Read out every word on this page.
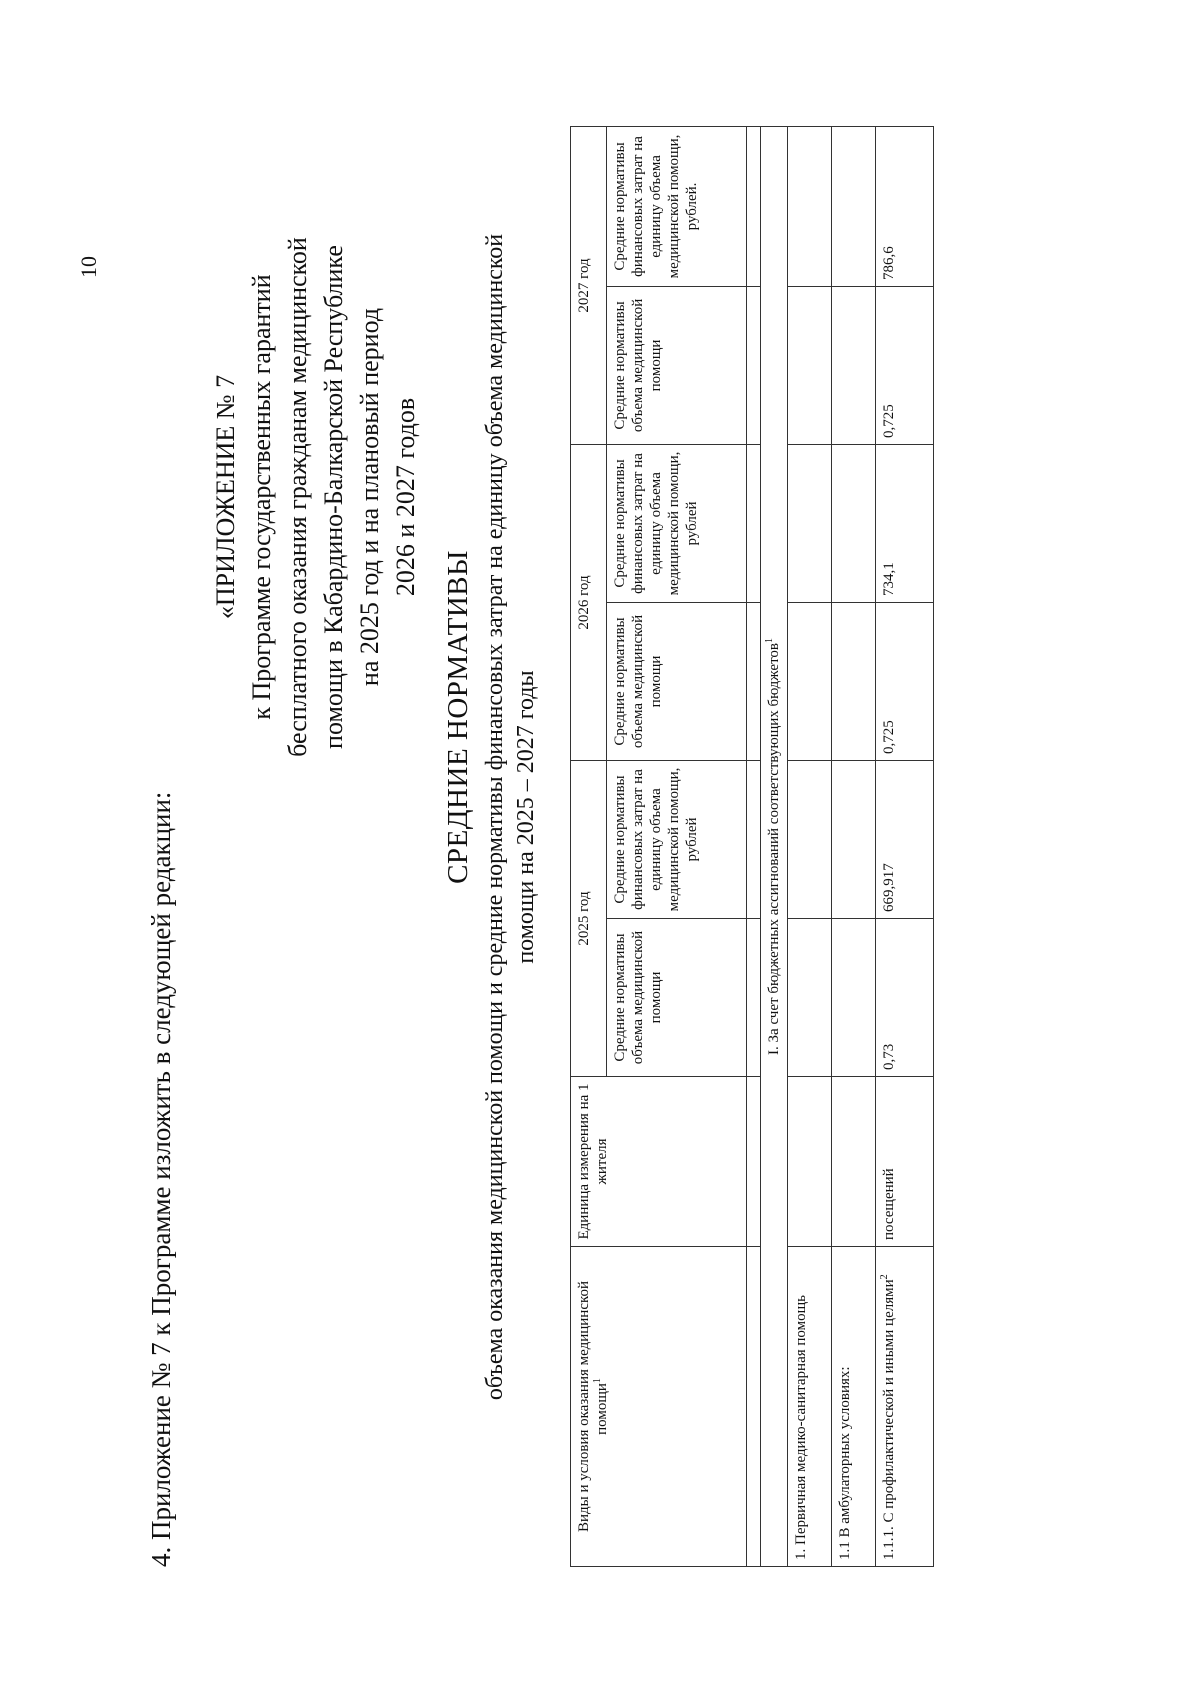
10
4. Приложение № 7 к Программе изложить в следующей редакции:
«ПРИЛОЖЕНИЕ № 7 к Программе государственных гарантий бесплатного оказания гражданам медицинской помощи в Кабардино-Балкарской Республике на 2025 год и на плановый период 2026 и 2027 годов
СРЕДНИЕ НОРМАТИВЫ объема оказания медицинской помощи и средние нормативы финансовых затрат на единицу объема медицинской помощи на 2025 – 2027 годы
Виды и условия оказания медицинской помощи$^1$	Единица измерения на 1 жителя	2025 год		2026 год		2027 год	
		Средние нормативы объема медицинской помощи	Средние нормативы финансовых затрат на единицу объема медицинской помощи, рублей	Средние нормативы объема медицинской помощи	Средние нормативы финансовых затрат на единицу объема медицинской помощи, рублей	Средние нормативы объема медицинской помощи	Средние нормативы финансовых затрат на единицу объема медицинской помощи, рублей.

I. За счет бюджетных ассигнований соответствующих бюджетов$^1$
1. Первичная медико-санитарная помощь							
1.1 В амбулаторных условиях:							
1.1.1. С профилактической и иными целями$^2$	посещений	0,73	669,917	0,725	734,1	0,725	786,6
